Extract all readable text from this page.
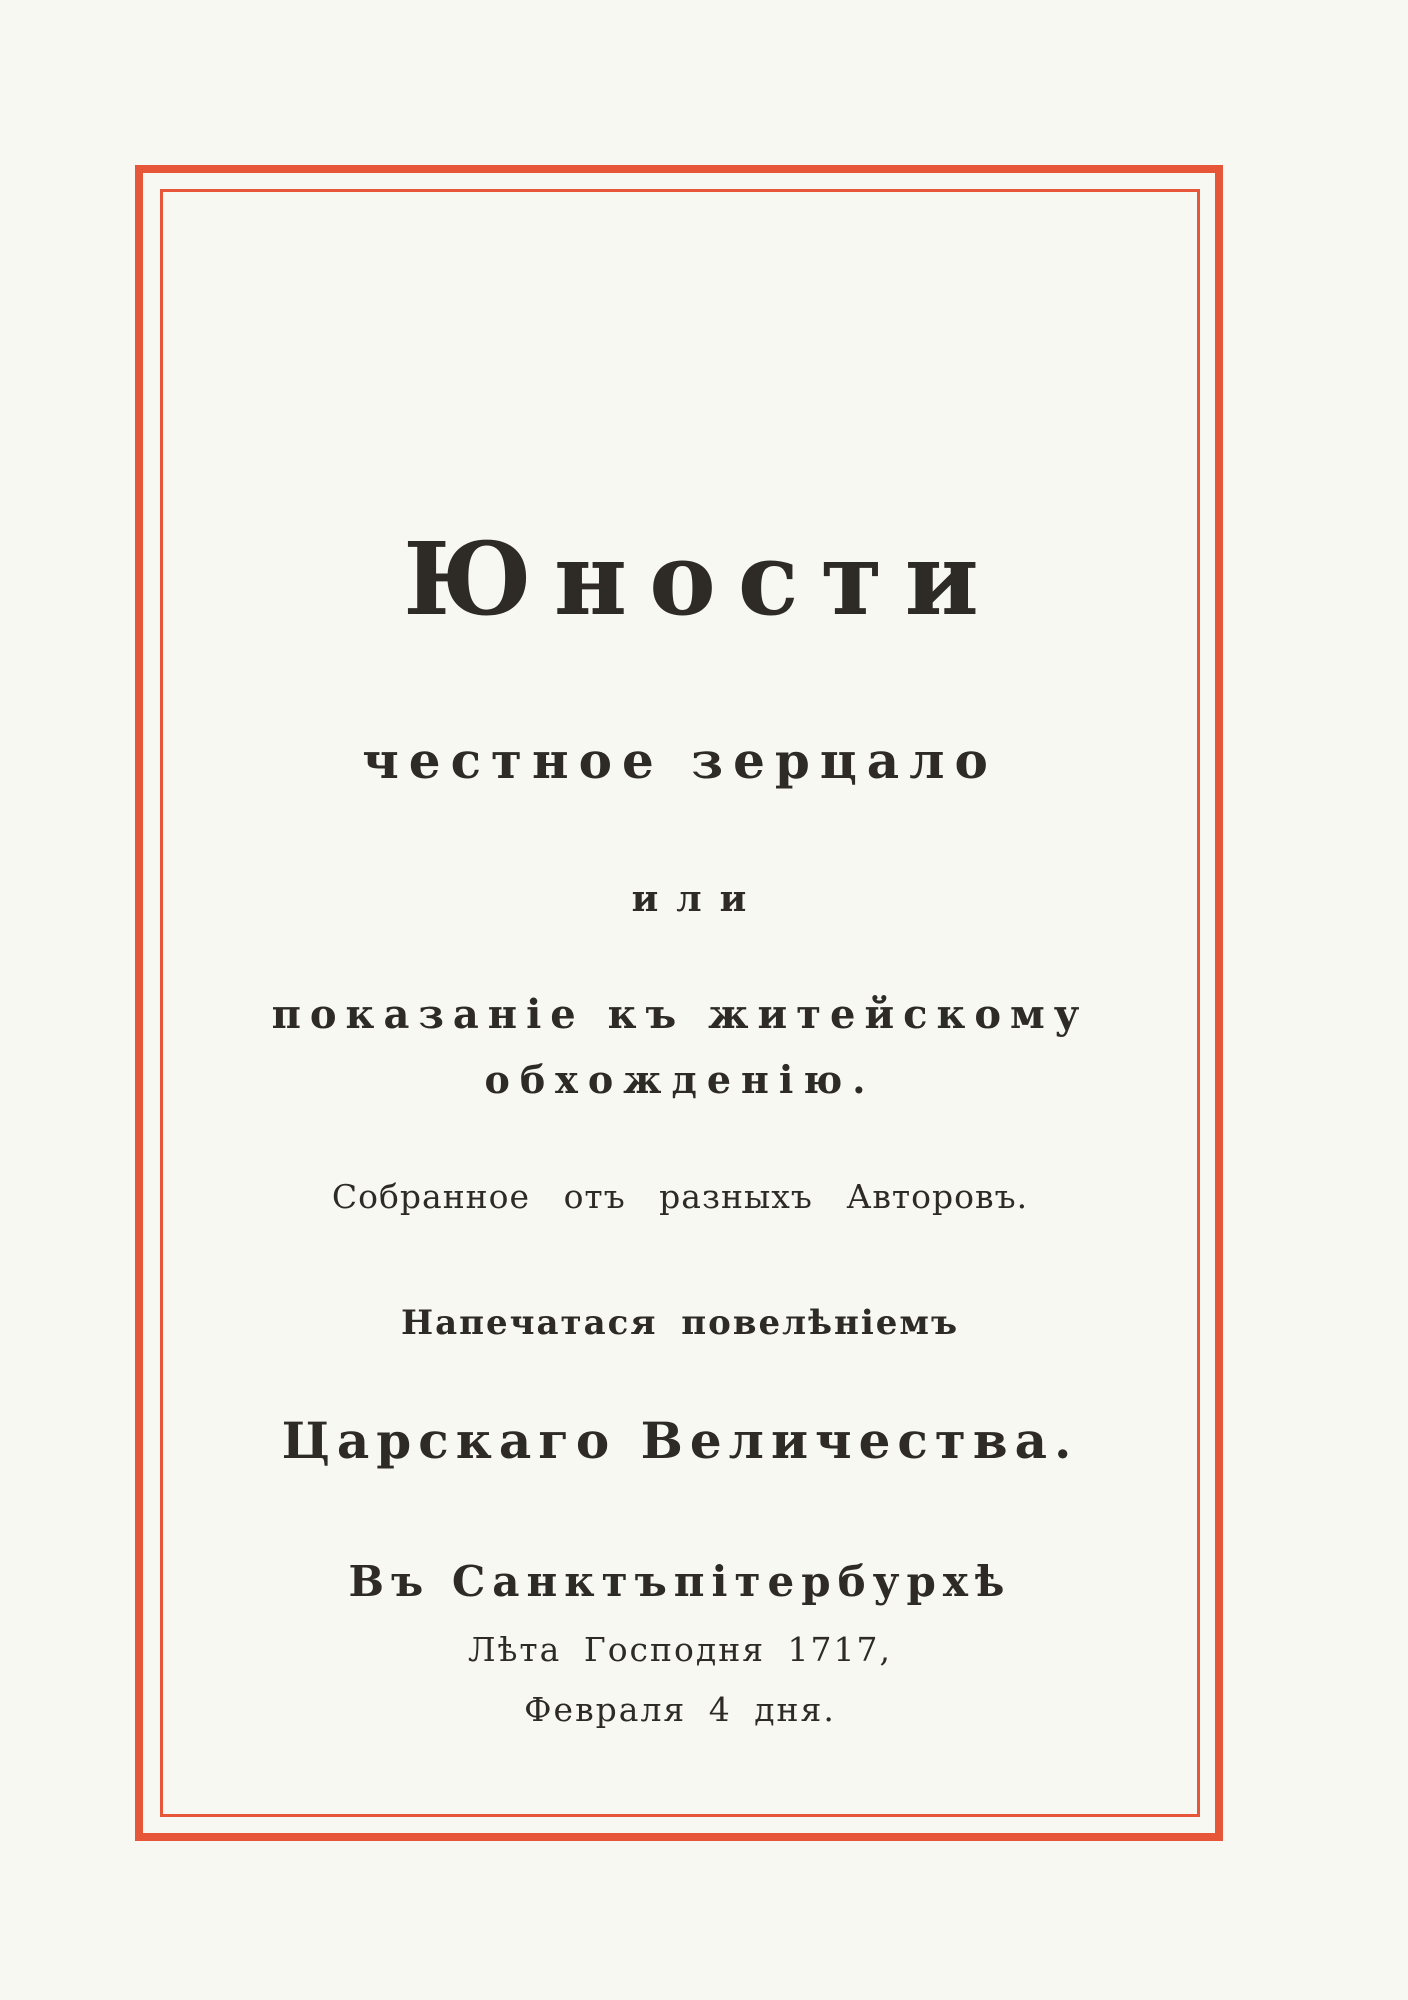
Юности
честное зерцало
или
показаніе къ житейскому
обхожденію.
Собранное отъ разныхъ Авторовъ.
Напечатася повелѣніемъ
Царскаго Величества.
Въ Санктъпітербурхѣ
Лѣта Господня 1717,
Февраля 4 дня.
